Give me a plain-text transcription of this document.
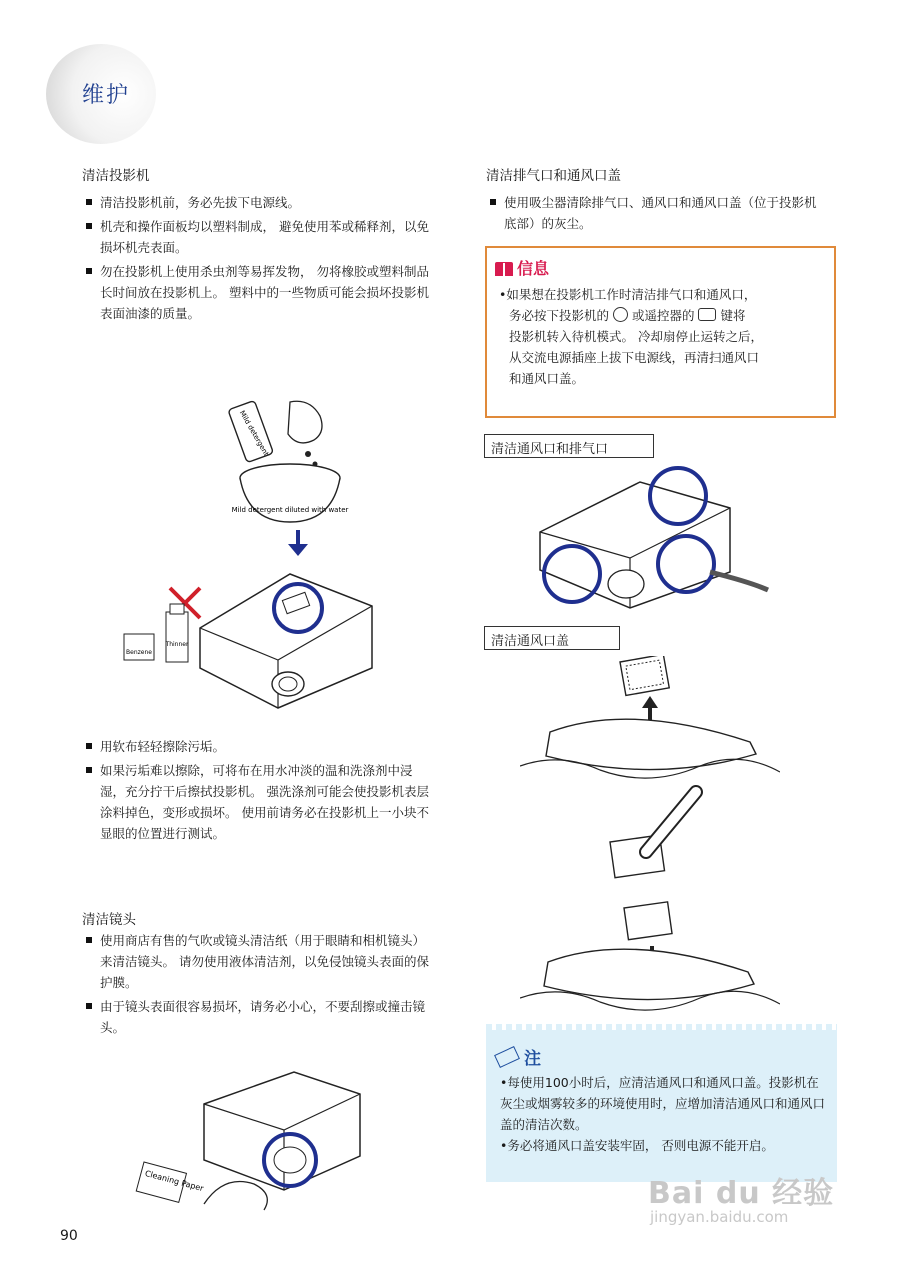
维护
清洁投影机
清洁投影机前，务必先拔下电源线。
机壳和操作面板均以塑料制成， 避免使用苯或稀释剂，以免损坏机壳表面。
勿在投影机上使用杀虫剂等易挥发物， 勿将橡胶或塑料制品长时间放在投影机上。 塑料中的一些物质可能会损坏投影机表面油漆的质量。
Mild detergent
Mild detergent diluted with water
Benzene
Thinner
用软布轻轻擦除污垢。
如果污垢难以擦除，可将布在用水冲淡的温和洗涤剂中浸湿，充分拧干后擦拭投影机。 强洗涤剂可能会使投影机表层涂料掉色，变形或损坏。 使用前请务必在投影机上一小块不显眼的位置进行测试。
清洁镜头
使用商店有售的气吹或镜头清洁纸（用于眼睛和相机镜头）来清洁镜头。 请勿使用液体清洁剂，以免侵蚀镜头表面的保护膜。
由于镜头表面很容易损坏，请务必小心，不要刮擦或撞击镜头。
Cleaning Paper
清洁排气口和通风口盖
使用吸尘器清除排气口、通风口和通风口盖（位于投影机底部）的灰尘。
信息
•如果想在投影机工作时清洁排气口和通风口，
务必按下投影机的 或遥控器的 键将
投影机转入待机模式。 冷却扇停止运转之后，
从交流电源插座上拔下电源线，再清扫通风口
和通风口盖。
清洁通风口和排气口
清洁通风口盖
注
•每使用100小时后，应清洁通风口和通风口盖。投影机在灰尘或烟雾较多的环境使用时，应增加清洁通风口和通风口盖的清洁次数。
•务必将通风口盖安装牢固， 否则电源不能开启。
90
Bai du 经验
jingyan.baidu.com
